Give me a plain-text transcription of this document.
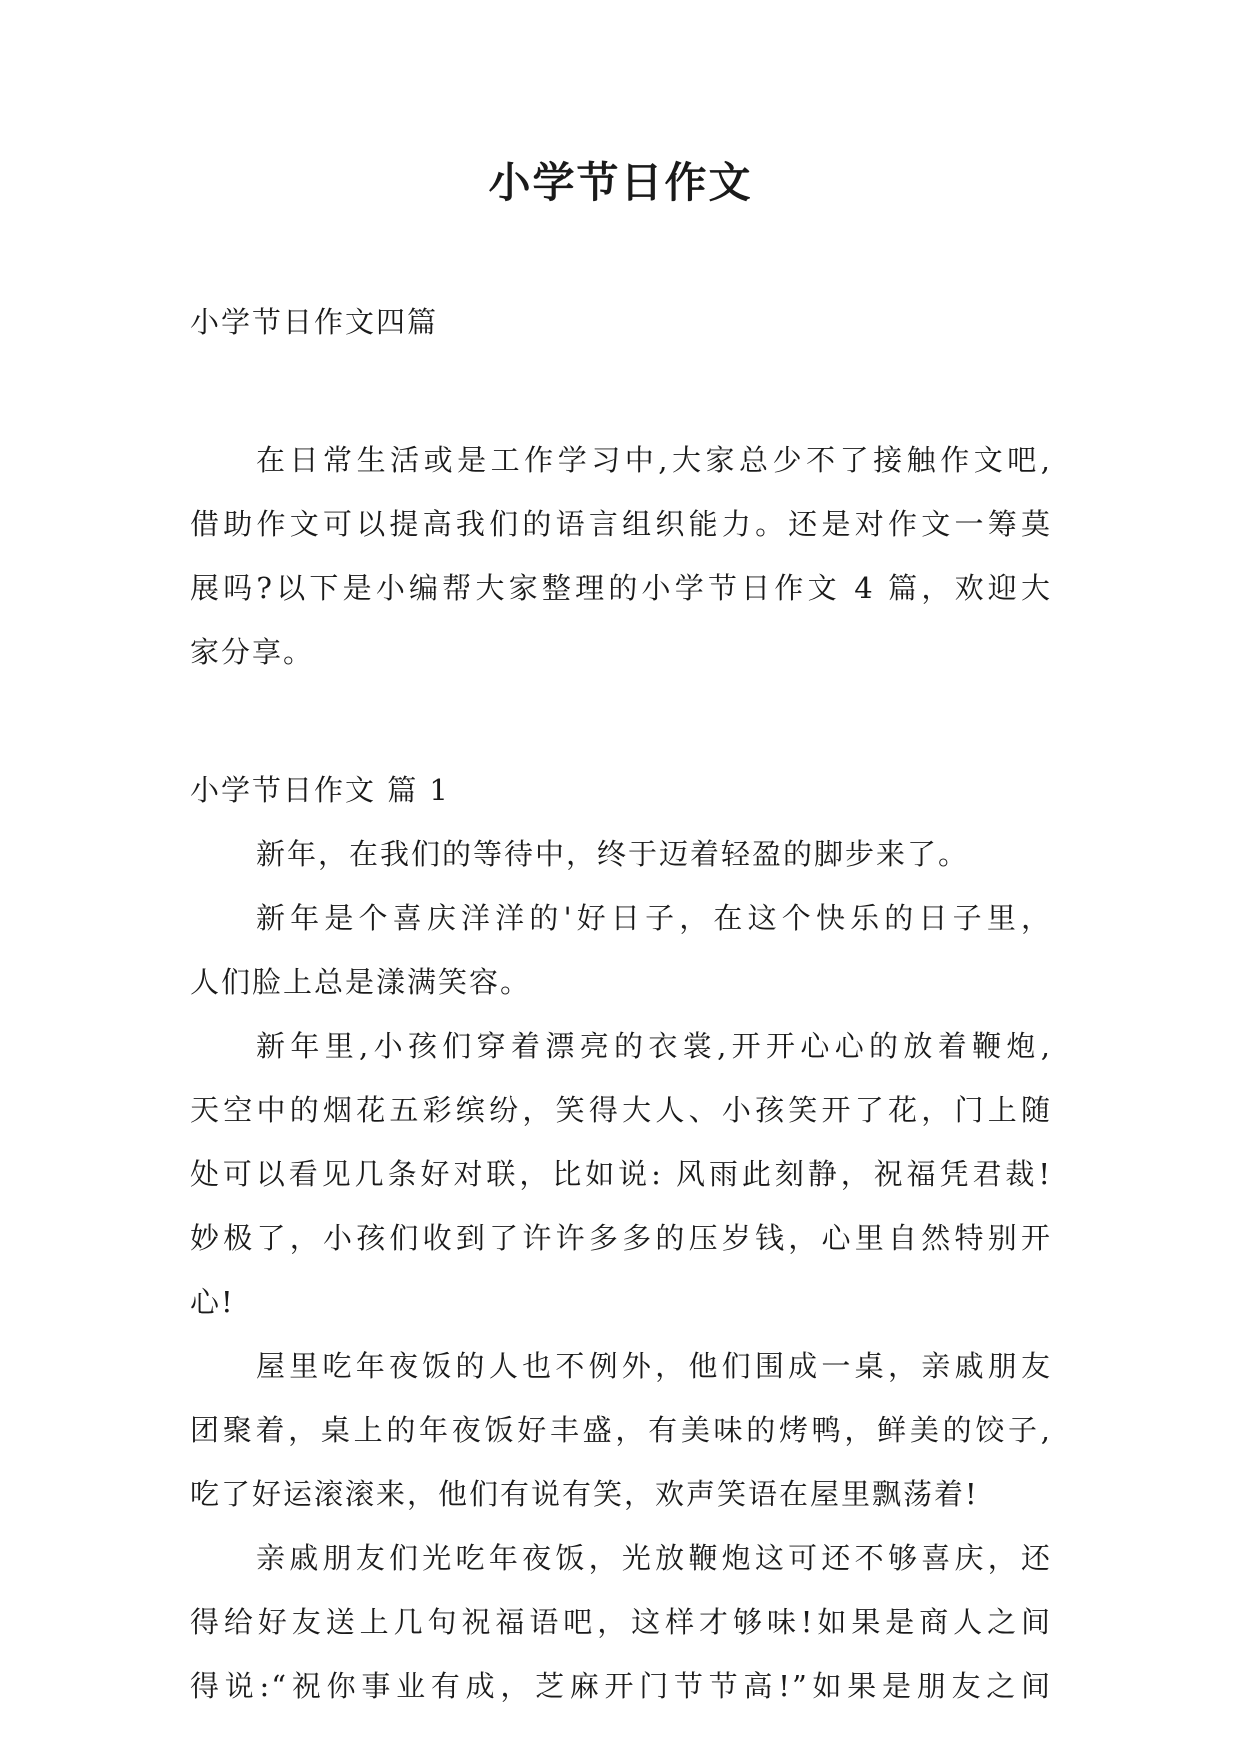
小学节日作文
小学节日作文四篇
在日常生活或是工作学习中,大家总少不了接触作文吧,
借助作文可以提高我们的语言组织能力。还是对作文一筹莫
展吗?以下是小编帮大家整理的小学节日作文 4 篇，欢迎大
家分享。
小学节日作文 篇 1
新年，在我们的等待中，终于迈着轻盈的脚步来了。
新年是个喜庆洋洋的'好日子，在这个快乐的日子里，
人们脸上总是漾满笑容。
新年里,小孩们穿着漂亮的衣裳,开开心心的放着鞭炮,
天空中的烟花五彩缤纷，笑得大人、小孩笑开了花，门上随
处可以看见几条好对联，比如说: 风雨此刻静，祝福凭君裁!
妙极了，小孩们收到了许许多多的压岁钱，心里自然特别开
心!
屋里吃年夜饭的人也不例外，他们围成一桌，亲戚朋友
团聚着，桌上的年夜饭好丰盛，有美味的烤鸭，鲜美的饺子,
吃了好运滚滚来，他们有说有笑，欢声笑语在屋里飘荡着!
亲戚朋友们光吃年夜饭，光放鞭炮这可还不够喜庆，还
得给好友送上几句祝福语吧，这样才够味!如果是商人之间
得说:“祝你事业有成，芝麻开门节节高!”如果是朋友之间
